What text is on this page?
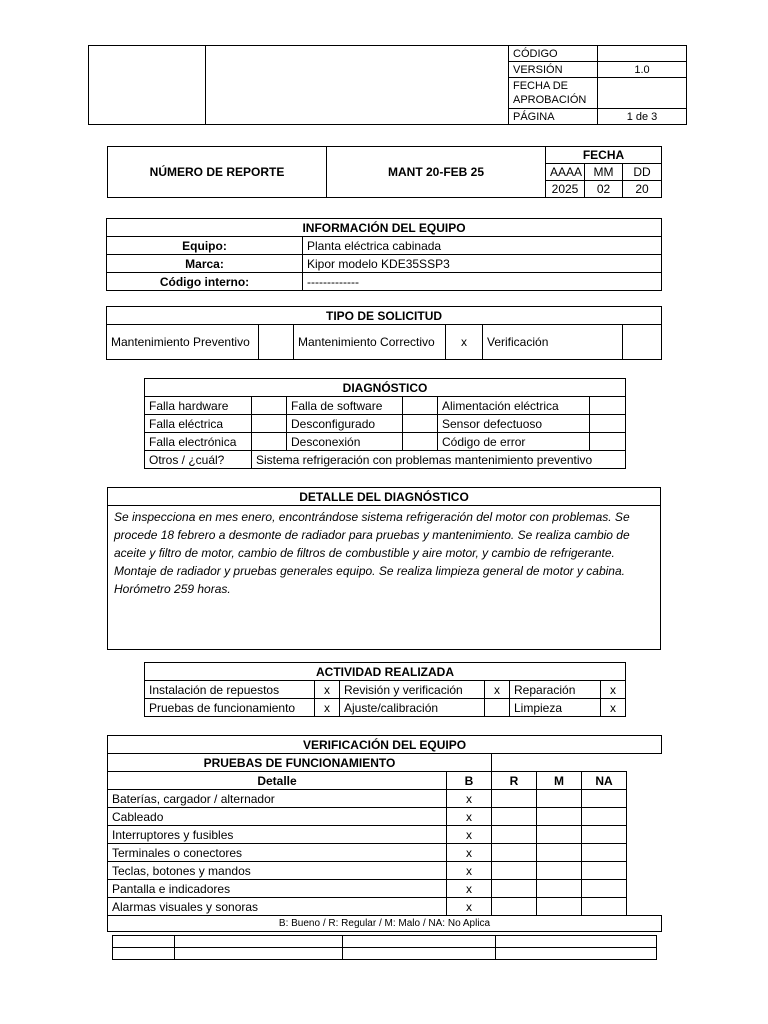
		CÓDIGO	
		VERSIÓN	1.0
		FECHA DE APROBACIÓN	

		PÁGINA	1 de 3
NÚMERO DE REPORTE	MANT 20-FEB 25	FECHA		
		AAAA	MM	DD
		2025	02	20
INFORMACIÓN DEL EQUIPO	
Equipo:	Planta eléctrica cabinada
Marca:	Kipor modelo KDE35SSP3
Código interno:	-------------
TIPO DE SOLICITUD
Mantenimiento Preventivo		Mantenimiento Correctivo	x	Verificación	
DIAGNÓSTICO					
Falla hardware		Falla de software		Alimentación eléctrica	
Falla eléctrica		Desconfigurado		Sensor defectuoso	
Falla electrónica		Desconexión		Código de error	
Otros / ¿cuál?	Sistema refrigeración con problemas mantenimiento preventivo				
DETALLE DEL DIAGNÓSTICO
Se inspecciona en mes enero, encontrándose sistema refrigeración del motor con problemas. Se procede 18 febrero a desmonte de radiador para pruebas y mantenimiento. Se realiza cambio de aceite y filtro de motor, cambio de filtros de combustible y aire motor, y cambio de refrigerante. Montaje de radiador y pruebas generales equipo. Se realiza limpieza general de motor y cabina. Horómetro 259 horas.
ACTIVIDAD REALIZADA					
Instalación de repuestos	x	Revisión y verificación	x	Reparación	x
Pruebas de funcionamiento	x	Ajuste/calibración		Limpieza	x
VERIFICACIÓN DEL EQUIPO					
PRUEBAS DE FUNCIONAMIENTO					
Detalle	B	R	M	NA	
Baterías, cargador / alternador	x				
Cableado	x				
Interruptores y fusibles	x				
Terminales o conectores	x				
Teclas, botones y mandos	x				
Pantalla e indicadores	x				
Alarmas visuales y sonoras	x				
B: Bueno / R: Regular / M: Malo / NA: No Aplica					
